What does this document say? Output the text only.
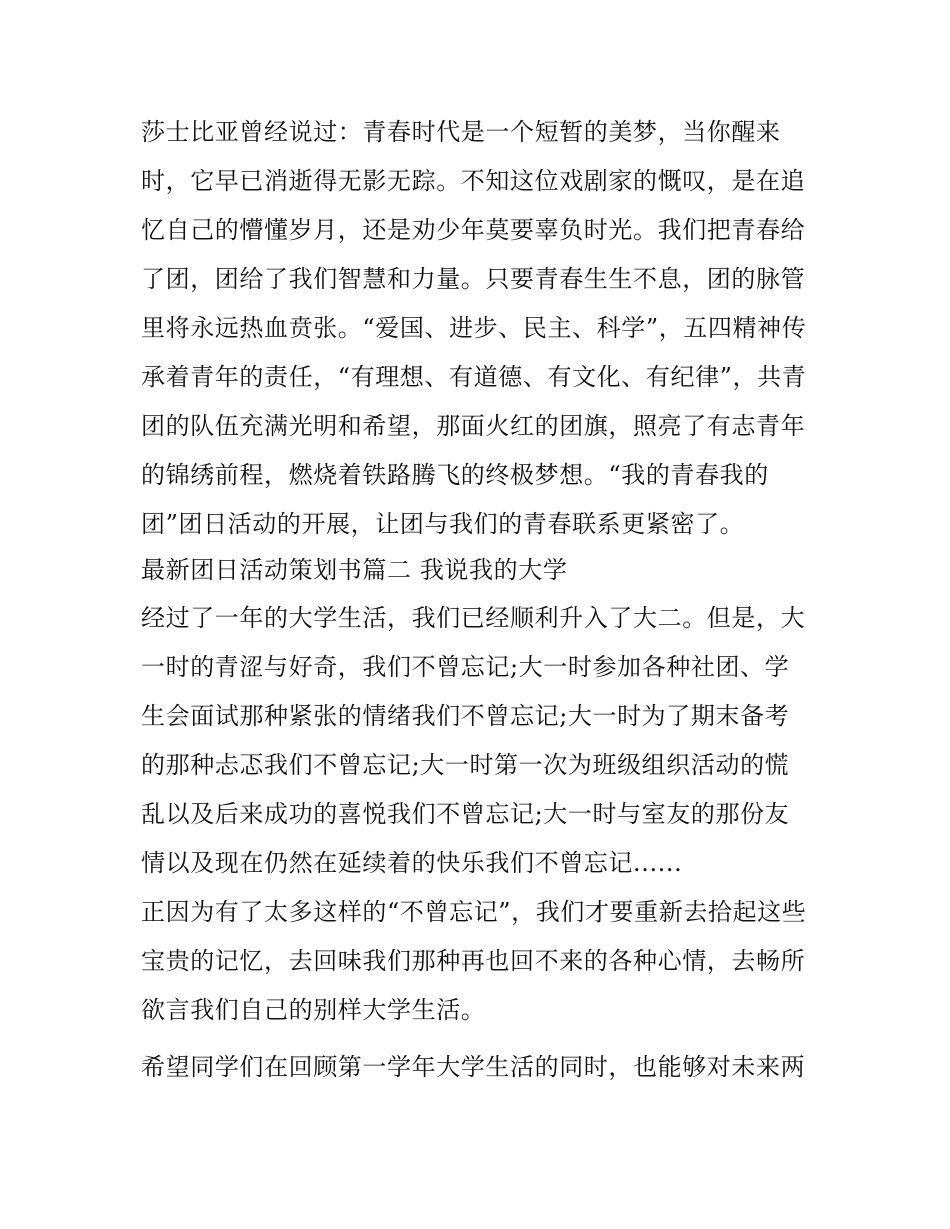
莎士比亚曾经说过：青春时代是一个短暂的美梦，当你醒来
时，它早已消逝得无影无踪。不知这位戏剧家的慨叹，是在追
忆自己的懵懂岁月，还是劝少年莫要辜负时光。我们把青春给
了团，团给了我们智慧和力量。只要青春生生不息，团的脉管
里将永远热血贲张。“爱国、进步、民主、科学”，五四精神传
承着青年的责任，“有理想、有道德、有文化、有纪律”，共青
团的队伍充满光明和希望，那面火红的团旗，照亮了有志青年
的锦绣前程，燃烧着铁路腾飞的终极梦想。“我的青春我的
团”团日活动的开展，让团与我们的青春联系更紧密了。

最新团日活动策划书篇二 我说我的大学

经过了一年的大学生活，我们已经顺利升入了大二。但是，大
一时的青涩与好奇，我们不曾忘记;大一时参加各种社团、学
生会面试那种紧张的情绪我们不曾忘记;大一时为了期末备考
的那种忐忑我们不曾忘记;大一时第一次为班级组织活动的慌
乱以及后来成功的喜悦我们不曾忘记;大一时与室友的那份友
情以及现在仍然在延续着的快乐我们不曾忘记......

正因为有了太多这样的“不曾忘记”，我们才要重新去拾起这些
宝贵的记忆，去回味我们那种再也回不来的各种心情，去畅所
欲言我们自己的别样大学生活。

希望同学们在回顾第一学年大学生活的同时，也能够对未来两
